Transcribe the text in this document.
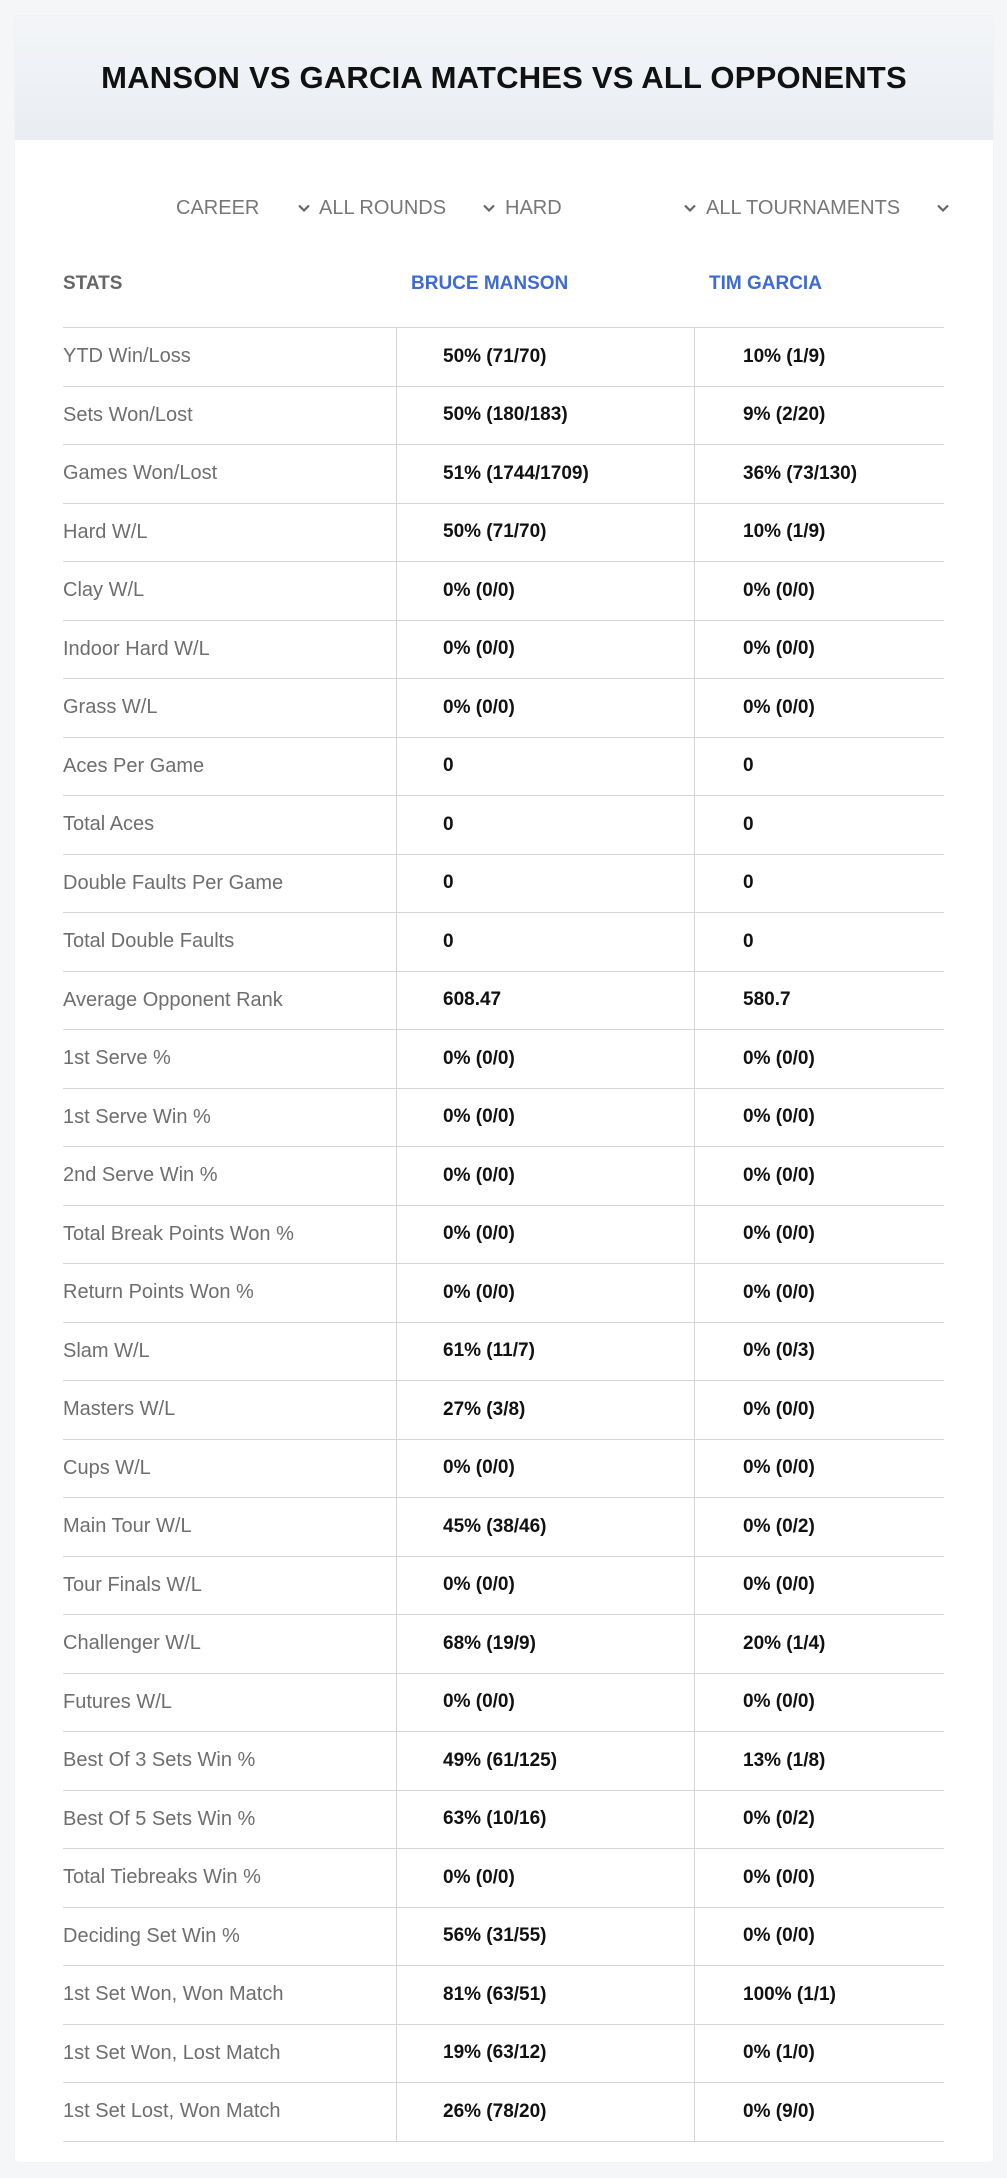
MANSON VS GARCIA MATCHES VS ALL OPPONENTS
CAREER	ALL ROUNDS	HARD	ALL TOURNAMENTS
STATS	BRUCE MANSON	TIM GARCIA
YTD Win/Loss	50% (71/70)	10% (1/9)
Sets Won/Lost	50% (180/183)	9% (2/20)
Games Won/Lost	51% (1744/1709)	36% (73/130)
Hard W/L	50% (71/70)	10% (1/9)
Clay W/L	0% (0/0)	0% (0/0)
Indoor Hard W/L	0% (0/0)	0% (0/0)
Grass W/L	0% (0/0)	0% (0/0)
Aces Per Game	0	0
Total Aces	0	0
Double Faults Per Game	0	0
Total Double Faults	0	0
Average Opponent Rank	608.47	580.7
1st Serve %	0% (0/0)	0% (0/0)
1st Serve Win %	0% (0/0)	0% (0/0)
2nd Serve Win %	0% (0/0)	0% (0/0)
Total Break Points Won %	0% (0/0)	0% (0/0)
Return Points Won %	0% (0/0)	0% (0/0)
Slam W/L	61% (11/7)	0% (0/3)
Masters W/L	27% (3/8)	0% (0/0)
Cups W/L	0% (0/0)	0% (0/0)
Main Tour W/L	45% (38/46)	0% (0/2)
Tour Finals W/L	0% (0/0)	0% (0/0)
Challenger W/L	68% (19/9)	20% (1/4)
Futures W/L	0% (0/0)	0% (0/0)
Best Of 3 Sets Win %	49% (61/125)	13% (1/8)
Best Of 5 Sets Win %	63% (10/16)	0% (0/2)
Total Tiebreaks Win %	0% (0/0)	0% (0/0)
Deciding Set Win %	56% (31/55)	0% (0/0)
1st Set Won, Won Match	81% (63/51)	100% (1/1)
1st Set Won, Lost Match	19% (63/12)	0% (1/0)
1st Set Lost, Won Match	26% (78/20)	0% (9/0)
